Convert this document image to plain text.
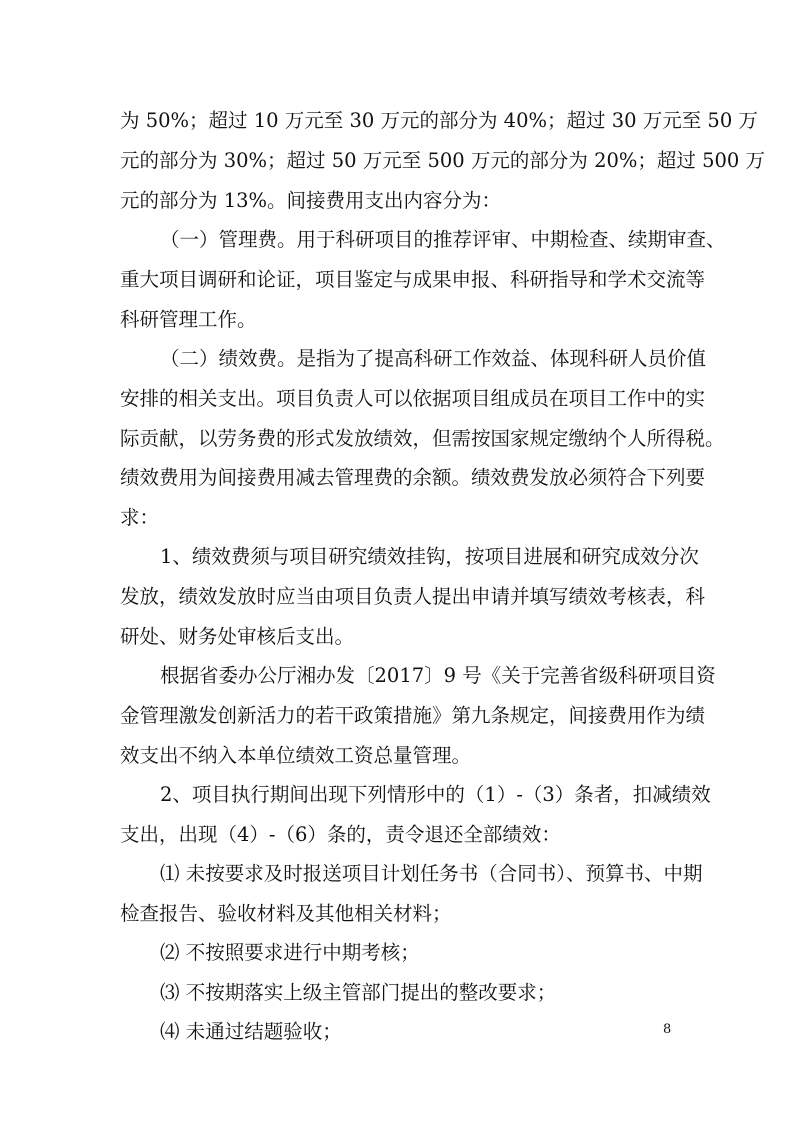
为 50%；超过 10 万元至 30 万元的部分为 40%；超过 30 万元至 50 万
元的部分为 30%；超过 50 万元至 500 万元的部分为 20%；超过 500 万
元的部分为 13%。间接费用支出内容分为：
（一）管理费。用于科研项目的推荐评审、中期检查、续期审查、
重大项目调研和论证，项目鉴定与成果申报、科研指导和学术交流等
科研管理工作。
（二）绩效费。是指为了提高科研工作效益、体现科研人员价值
安排的相关支出。项目负责人可以依据项目组成员在项目工作中的实
际贡献，以劳务费的形式发放绩效，但需按国家规定缴纳个人所得税。
绩效费用为间接费用减去管理费的余额。绩效费发放必须符合下列要
求：
1、绩效费须与项目研究绩效挂钩，按项目进展和研究成效分次
发放，绩效发放时应当由项目负责人提出申请并填写绩效考核表，科
研处、财务处审核后支出。
根据省委办公厅湘办发〔2017〕9 号《关于完善省级科研项目资
金管理激发创新活力的若干政策措施》第九条规定，间接费用作为绩
效支出不纳入本单位绩效工资总量管理。
2、项目执行期间出现下列情形中的（1）-（3）条者，扣减绩效
支出，出现（4）-（6）条的，责令退还全部绩效：
⑴ 未按要求及时报送项目计划任务书（合同书）、预算书、中期
检查报告、验收材料及其他相关材料；
⑵ 不按照要求进行中期考核；
⑶ 不按期落实上级主管部门提出的整改要求；
⑷ 未通过结题验收；	8
